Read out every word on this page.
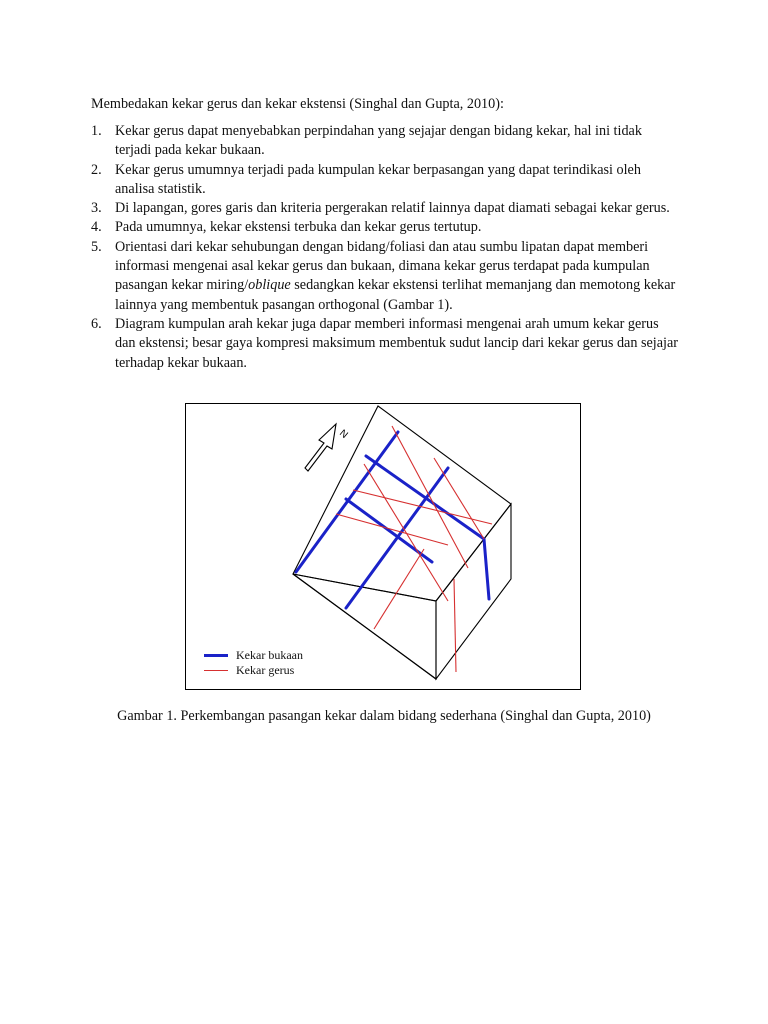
Membedakan kekar gerus dan kekar ekstensi (Singhal dan Gupta, 2010):

1. Kekar gerus dapat menyebabkan perpindahan yang sejajar dengan bidang kekar, hal ini tidak terjadi pada kekar bukaan.
2. Kekar gerus umumnya terjadi pada kumpulan kekar berpasangan yang dapat terindikasi oleh analisa statistik.
3. Di lapangan, gores garis dan kriteria pergerakan relatif lainnya dapat diamati sebagai kekar gerus.
4. Pada umumnya, kekar ekstensi terbuka dan kekar gerus tertutup.
5. Orientasi dari kekar sehubungan dengan bidang/foliasi dan atau sumbu lipatan dapat memberi informasi mengenai asal kekar gerus dan bukaan, dimana kekar gerus terdapat pada kumpulan pasangan kekar miring/oblique sedangkan kekar ekstensi terlihat memanjang dan memotong kekar lainnya yang membentuk pasangan orthogonal (Gambar 1).
6. Diagram kumpulan arah kekar juga dapar memberi informasi mengenai arah umum kekar gerus dan ekstensi; besar gaya kompresi maksimum membentuk sudut lancip dari kekar gerus dan sejajar terhadap kekar bukaan.
N
Kekar bukaan
Kekar gerus

Gambar 1. Perkembangan pasangan kekar dalam bidang sederhana (Singhal dan Gupta, 2010)
